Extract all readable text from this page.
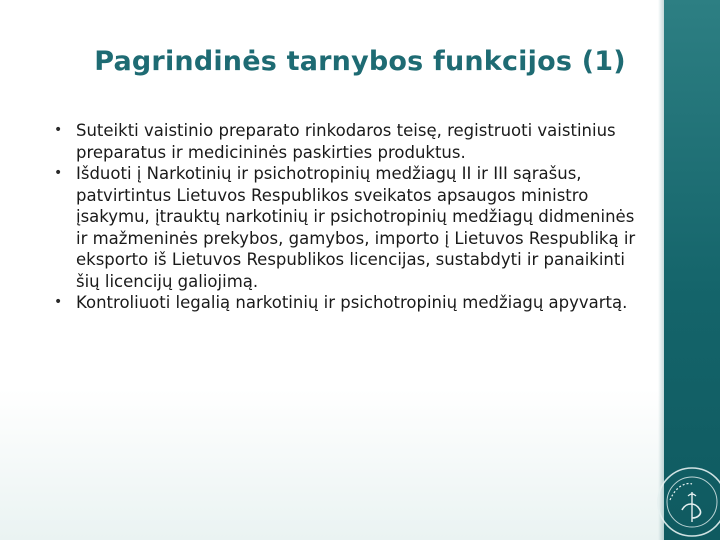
Pagrindinės tarnybos funkcijos (1)
• Suteikti vaistinio preparato rinkodaros teisę, registruoti vaistinius preparatus ir medicininės paskirties produktus.
• Išduoti į Narkotinių ir psichotropinių medžiagų II ir III sąrašus, patvirtintus Lietuvos Respublikos sveikatos apsaugos ministro įsakymu, įtrauktų narkotinių ir psichotropinių medžiagų didmeninės ir mažmeninės prekybos, gamybos, importo į Lietuvos Respubliką ir eksporto iš Lietuvos Respublikos licencijas, sustabdyti ir panaikinti šių licencijų galiojimą.
• Kontroliuoti legalią narkotinių ir psichotropinių medžiagų apyvartą.
